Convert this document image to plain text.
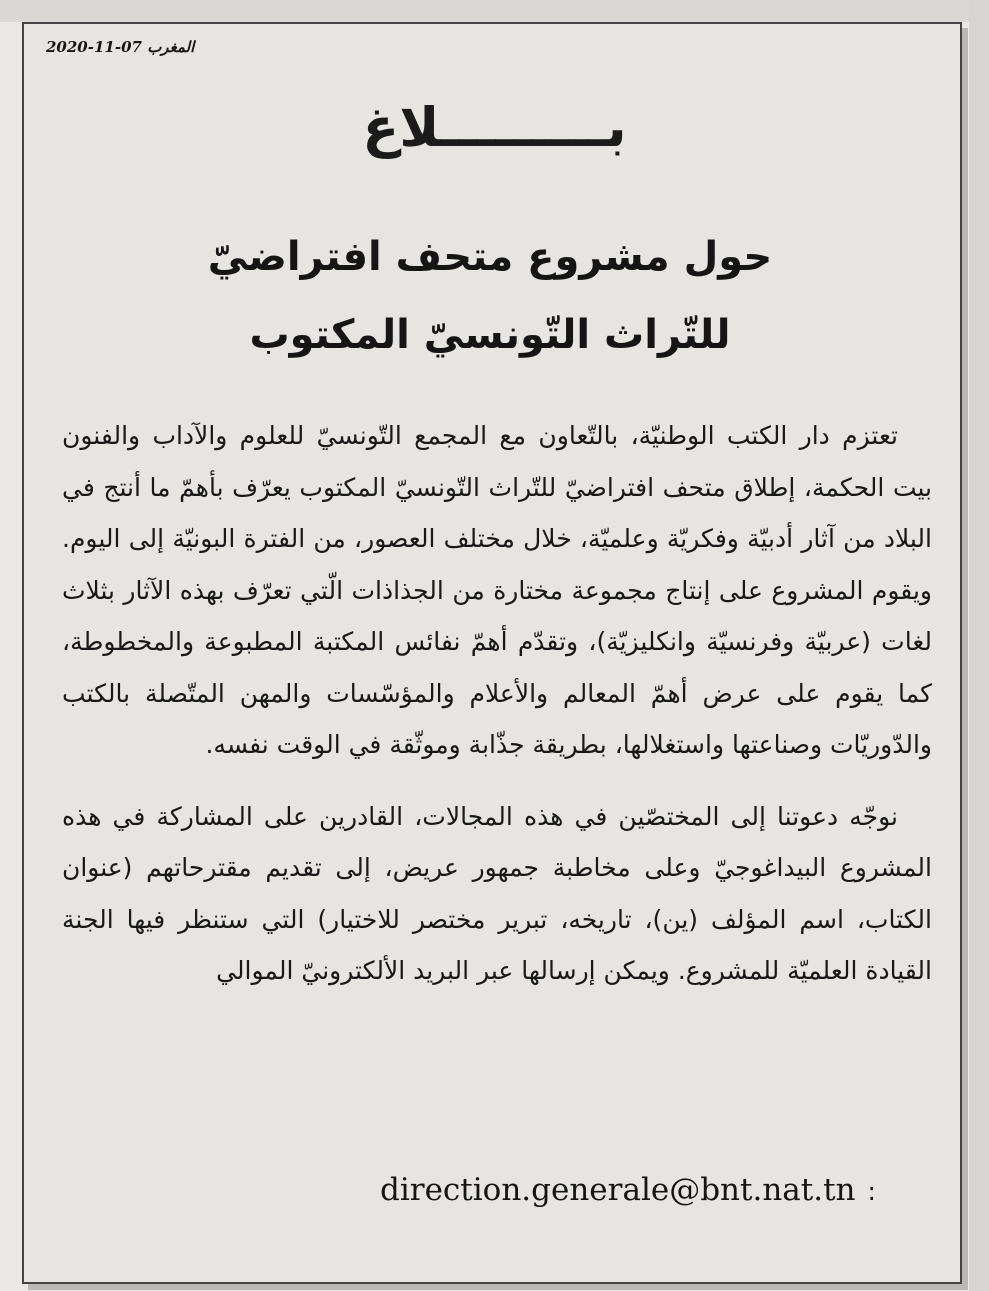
المغرب 07-11-2020
بـــــــــلاغ
حول مشروع متحف افتراضيّ
للتّراث التّونسيّ المكتوب

تعتزم دار الكتب الوطنيّة، بالتّعاون مع المجمع التّونسيّ للعلوم والآداب والفنون بيت الحكمة، إطلاق متحف افتراضيّ للتّراث التّونسيّ المكتوب يعرّف بأهمّ ما أنتج في البلاد من آثار أدبيّة وفكريّة وعلميّة، خلال مختلف العصور، من الفترة البونيّة إلى اليوم. ويقوم المشروع على إنتاج مجموعة مختارة من الجذاذات الّتي تعرّف بهذه الآثار بثلاث لغات (عربيّة وفرنسيّة وانكليزيّة)، وتقدّم أهمّ نفائس المكتبة المطبوعة والمخطوطة، كما يقوم على عرض أهمّ المعالم والأعلام والمؤسّسات والمهن المتّصلة بالكتب والدّوريّات وصناعتها واستغلالها، بطريقة جذّابة وموثّقة في الوقت نفسه.

نوجّه دعوتنا إلى المختصّين في هذه المجالات، القادرين على المشاركة في هذه المشروع البيداغوجيّ وعلى مخاطبة جمهور عريض، إلى تقديم مقترحاتهم (عنوان الكتاب، اسم المؤلف (ين)، تاريخه، تبرير مختصر للاختيار) التي ستنظر فيها الجنة القيادة العلميّة للمشروع. ويمكن إرسالها عبر البريد الألكترونيّ الموالي

direction.generale@bnt.nat.tn :
